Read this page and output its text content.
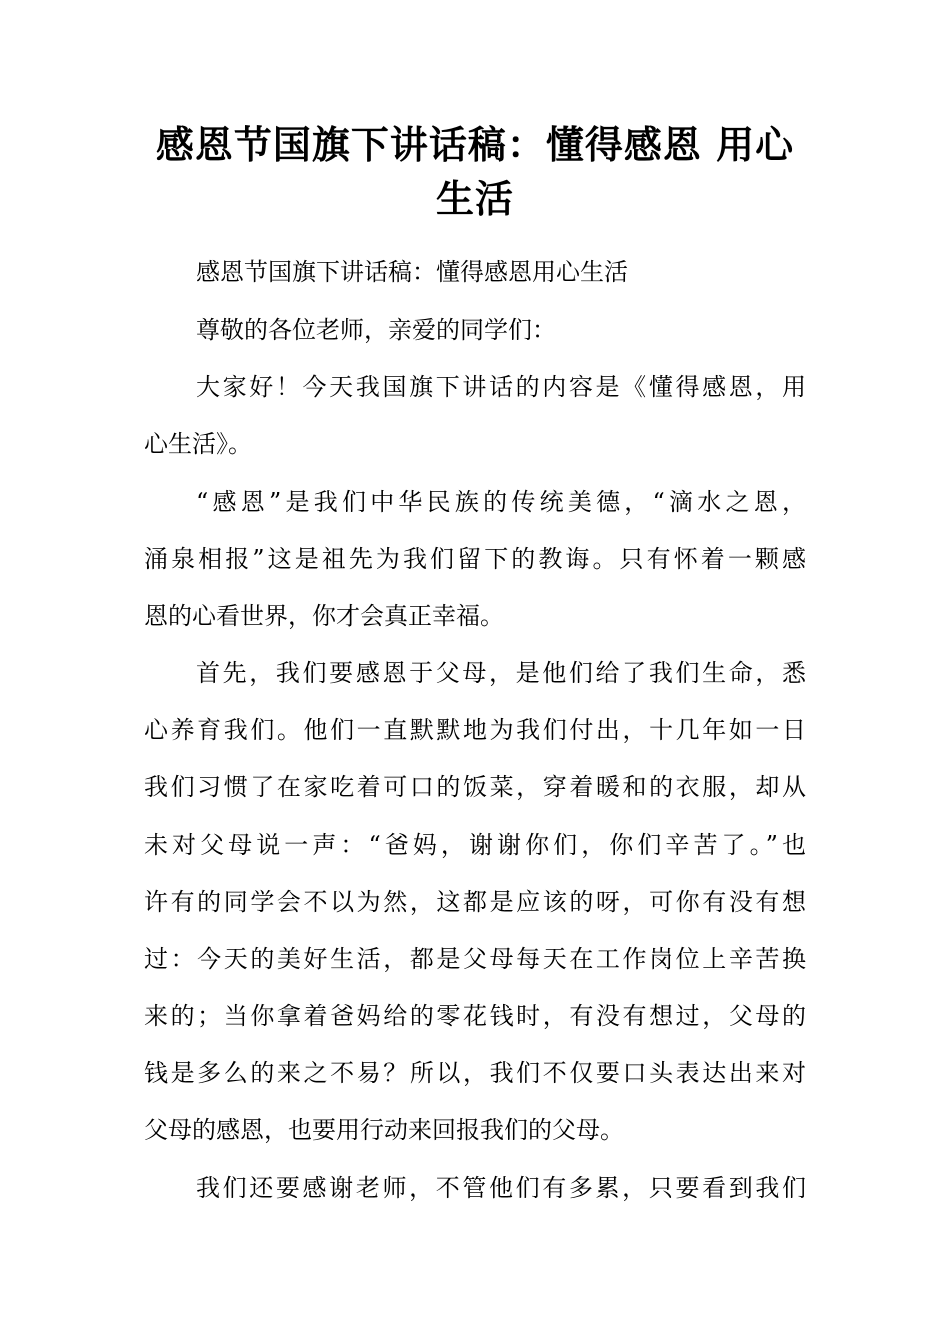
感恩节国旗下讲话稿：懂得感恩 用心
生活

感恩节国旗下讲话稿：懂得感恩用心生活

尊敬的各位老师，亲爱的同学们：

大家好！今天我国旗下讲话的内容是《懂得感恩，用

心生活》。

“感恩”是我们中华民族的传统美德，“滴水之恩，

涌泉相报”这是祖先为我们留下的教诲。只有怀着一颗感

恩的心看世界，你才会真正幸福。

首先，我们要感恩于父母，是他们给了我们生命，悉

心养育我们。他们一直默默地为我们付出，十几年如一日

我们习惯了在家吃着可口的饭菜，穿着暖和的衣服，却从

未对父母说一声：“爸妈，谢谢你们，你们辛苦了。”也

许有的同学会不以为然，这都是应该的呀，可你有没有想

过：今天的美好生活，都是父母每天在工作岗位上辛苦换

来的；当你拿着爸妈给的零花钱时，有没有想过，父母的

钱是多么的来之不易？所以，我们不仅要口头表达出来对

父母的感恩，也要用行动来回报我们的父母。

我们还要感谢老师，不管他们有多累，只要看到我们
